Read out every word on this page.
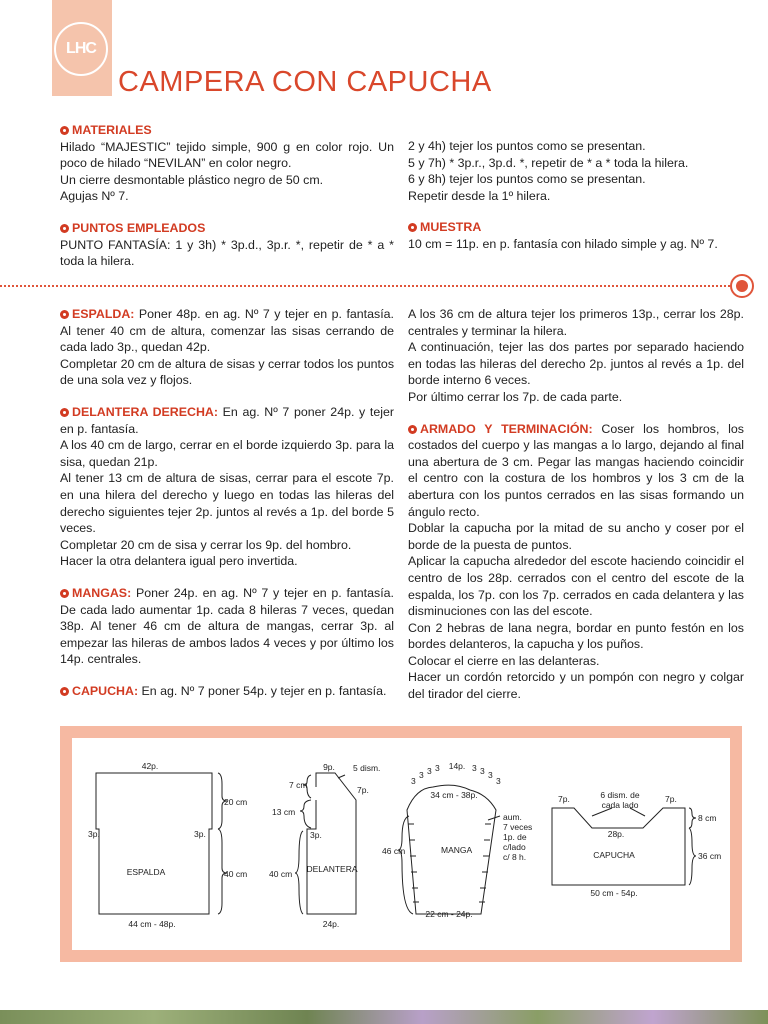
LHC
CAMPERA CON CAPUCHA

MATERIALES

Hilado “MAJESTIC” tejido simple, 900 g en color rojo. Un poco de hilado “NEVILAN” en color negro.

Un cierre desmontable plástico negro de 50 cm.

Agujas Nº 7.

PUNTOS EMPLEADOS

PUNTO FANTASÍA: 1 y 3h) * 3p.d., 3p.r. *, repetir de * a * toda la hilera.

2 y 4h) tejer los puntos como se presentan.

5 y 7h) * 3p.r., 3p.d. *, repetir de * a * toda la hilera.

6 y 8h) tejer los puntos como se presentan.

Repetir desde la 1º hilera.

MUESTRA

10 cm = 11p. en p. fantasía con hilado simple y ag. Nº 7.

ESPALDA: Poner 48p. en ag. Nº 7 y tejer en p. fantasía. Al tener 40 cm de altura, comenzar las sisas cerrando de cada lado 3p., quedan 42p.

Completar 20 cm de altura de sisas y cerrar todos los puntos de una sola vez y flojos.

DELANTERA DERECHA: En ag. Nº 7 poner 24p. y tejer en p. fantasía.

A los 40 cm de largo, cerrar en el borde izquierdo 3p. para la sisa, quedan 21p.

Al tener 13 cm de altura de sisas, cerrar para el escote 7p. en una hilera del derecho y luego en todas las hileras del derecho siguientes tejer 2p. juntos al revés a 1p. del borde 5 veces.

Completar 20 cm de sisa y cerrar los 9p. del hombro.

Hacer la otra delantera igual pero invertida.

MANGAS: Poner 24p. en ag. Nº 7 y tejer en p. fantasía. De cada lado aumentar 1p. cada 8 hileras 7 veces, quedan 38p. Al tener 46 cm de altura de mangas, cerrar 3p. al empezar las hileras de ambos lados 4 veces y por último los 14p. centrales.

CAPUCHA: En ag. Nº 7 poner 54p. y tejer en p. fantasía.

A los 36 cm de altura tejer los primeros 13p., cerrar los 28p. centrales y terminar la hilera.

A continuación, tejer las dos partes por separado haciendo en todas las hileras del derecho 2p. juntos al revés a 1p. del borde interno 6 veces.

Por último cerrar los 7p. de cada parte.

ARMADO Y TERMINACIÓN: Coser los hombros, los costados del cuerpo y las mangas a lo largo, dejando al final una abertura de 3 cm. Pegar las mangas haciendo coincidir el centro con la costura de los hombros y los 3 cm de la abertura con los puntos cerrados en las sisas formando un ángulo recto.

Doblar la capucha por la mitad de su ancho y coser por el borde de la puesta de puntos.

Aplicar la capucha alrededor del escote haciendo coincidir el centro de los 28p. cerrados con el centro del escote de la espalda, los 7p. con los 7p. cerrados en cada delantera y las disminuciones con las del escote.

Con 2 hebras de lana negra, bordar en punto festón en los bordes delanteros, la capucha y los puños.

Colocar el cierre en las delanteras.

Hacer un cordón retorcido y un pompón con negro y colgar del tirador del cierre.

42p.
3p.	3p.
ESPALDA
44 cm - 48p.
20 cm
40 cm
9p. 5 dism.
7p.
7 cm
13 cm
3p.
DELANTERA
40 cm
24p.
3
3 3 3 14p. 3 3 3
3
34 cm - 38p.
MANGA
46 cm
aum.
7 veces
1p. de
c/lado
c/ 8 h.
22 cm - 24p.
7p.	6 dism. de
cada lado
7p.
28p.
8 cm
CAPUCHA	36 cm
50 cm - 54p.
